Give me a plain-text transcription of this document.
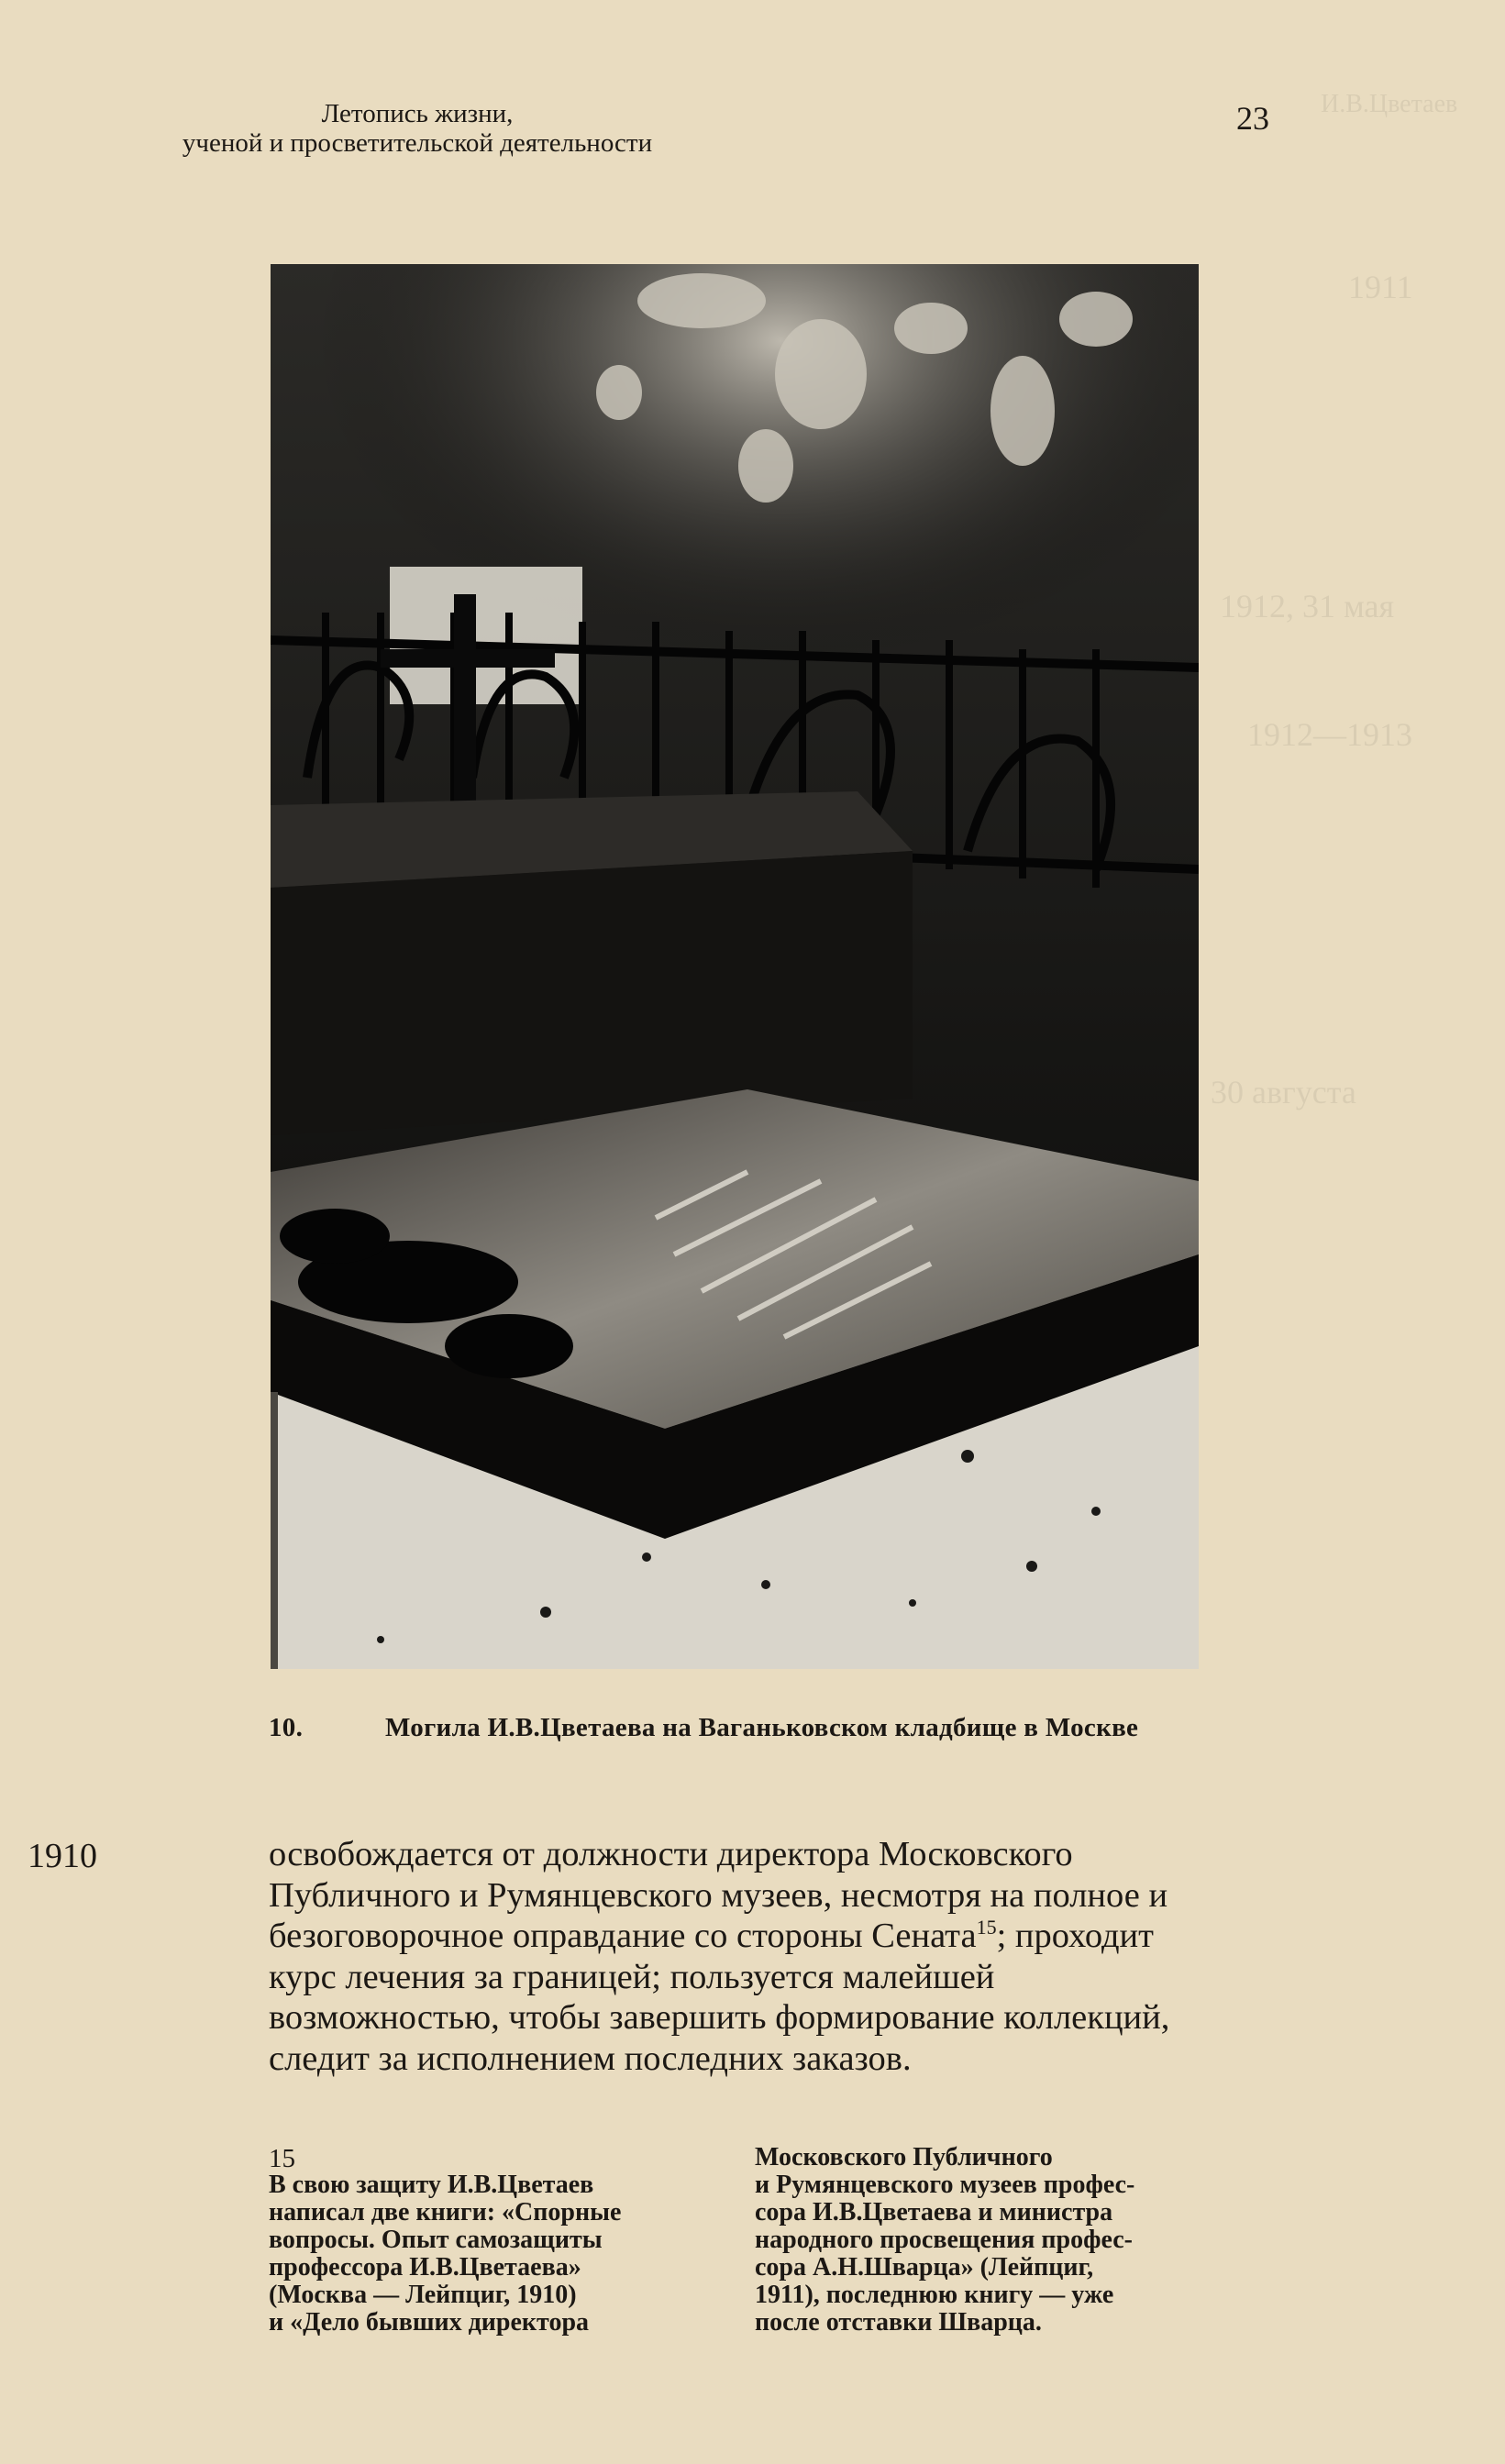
И.В.Цветаев
1911
1912, 31 мая
1912—1913
30 августа
Летопись жизни,
ученой и просветительской деятельности
23
10.	Могила И.В.Цветаева на Ваганьковском кладбище в Москве
1910	освобождается от должности директора Московского Публичного и Румянцевского музеев, несмотря на полное и безоговорочное оправдание со стороны Сената$^{15}$; проходит курс лечения за границей; пользуется малейшей возможностью, чтобы завершить формирование коллекций, следит за исполнением последних заказов.
15
В свою защиту И.В.Цветаев
написал две книги: «Спорные
вопросы. Опыт самозащиты
профессора И.В.Цветаева»
(Москва — Лейпциг, 1910)
и «Дело бывших директора
Московского Публичного
и Румянцевского музеев профес-
сора И.В.Цветаева и министра
народного просвещения профес-
сора А.Н.Шварца» (Лейпциг,
1911), последнюю книгу — уже
после отставки Шварца.
